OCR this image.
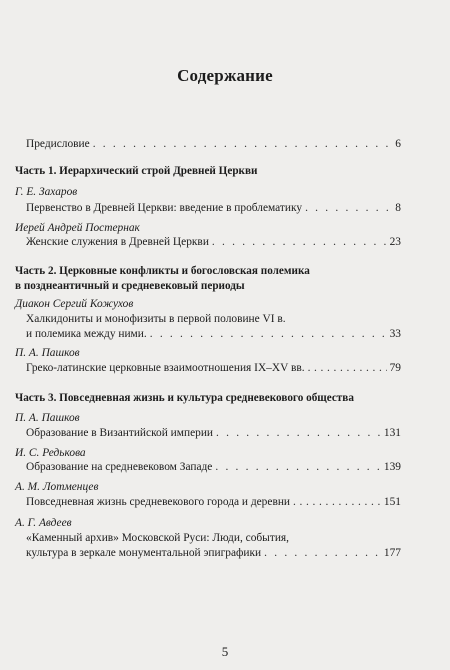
Содержание
Предисловие . . .	6
Часть 1. Иерархический строй Древней Церкви
Г. Е. Захаров
Первенство в Древней Церкви: введение в проблематику . . .	8
Иерей Андрей Постернак
Женские служения в Древней Церкви . . .	23
Часть 2. Церковные конфликты и богословская полемика
в позднеантичный и средневековый периоды
Диакон Сергий Кожухов
Халкидониты и монофизиты в первой половине VI в.
и полемика между ними. . . .	33
П. А. Пашков
Греко-латинские церковные взаимоотношения IX–XV вв. . . .	79
Часть 3. Повседневная жизнь и культура средневекового общества
П. А. Пашков
Образование в Византийской империи . . .	131
И. С. Редькова
Образование на средневековом Западе . . .	139
А. М. Лотменцев
Повседневная жизнь средневекового города и деревни . . .	151
А. Г. Авдеев
«Каменный архив» Московской Руси: Люди, события,
культура в зеркале монументальной эпиграфики . . .	177
5
